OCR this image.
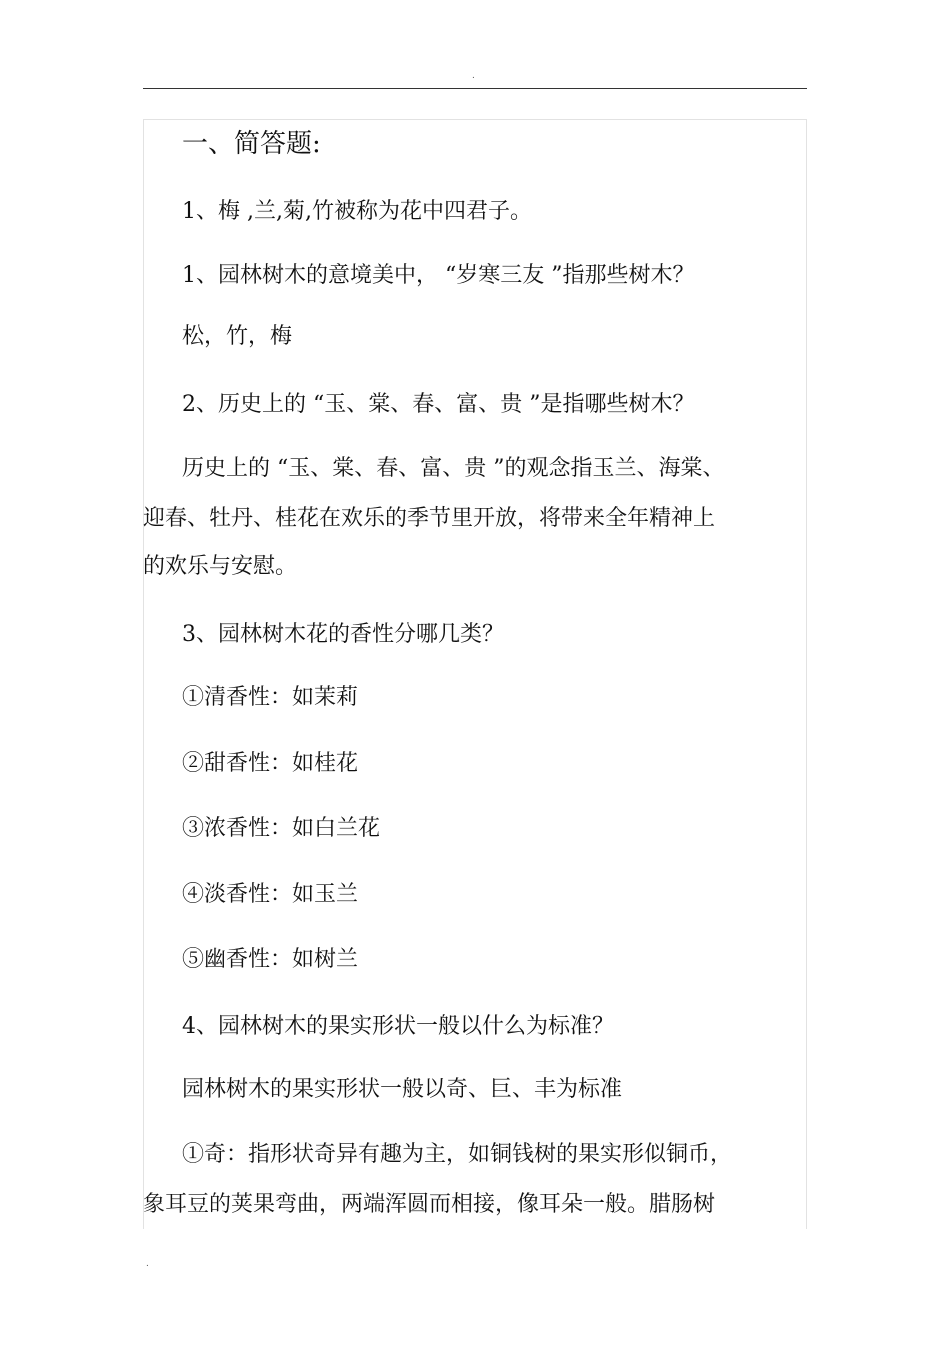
.
一、简答题:
1、梅 ,兰,菊,竹被称为花中四君子。
1、园林树木的意境美中， “岁寒三友 ”指那些树木？
松，竹，梅
2、历史上的 “玉、棠、春、富、贵 ”是指哪些树木？
历史上的 “玉、棠、春、富、贵 ”的观念指玉兰、海棠、
迎春、牡丹、桂花在欢乐的季节里开放，将带来全年精神上
的欢乐与安慰。
3、园林树木花的香性分哪几类？
①清香性：如茉莉
②甜香性：如桂花
③浓香性：如白兰花
④淡香性：如玉兰
⑤幽香性：如树兰
4、园林树木的果实形状一般以什么为标准？
园林树木的果实形状一般以奇、巨、丰为标准
①奇：指形状奇异有趣为主，如铜钱树的果实形似铜币，
象耳豆的荚果弯曲，两端浑圆而相接，像耳朵一般。腊肠树
.
